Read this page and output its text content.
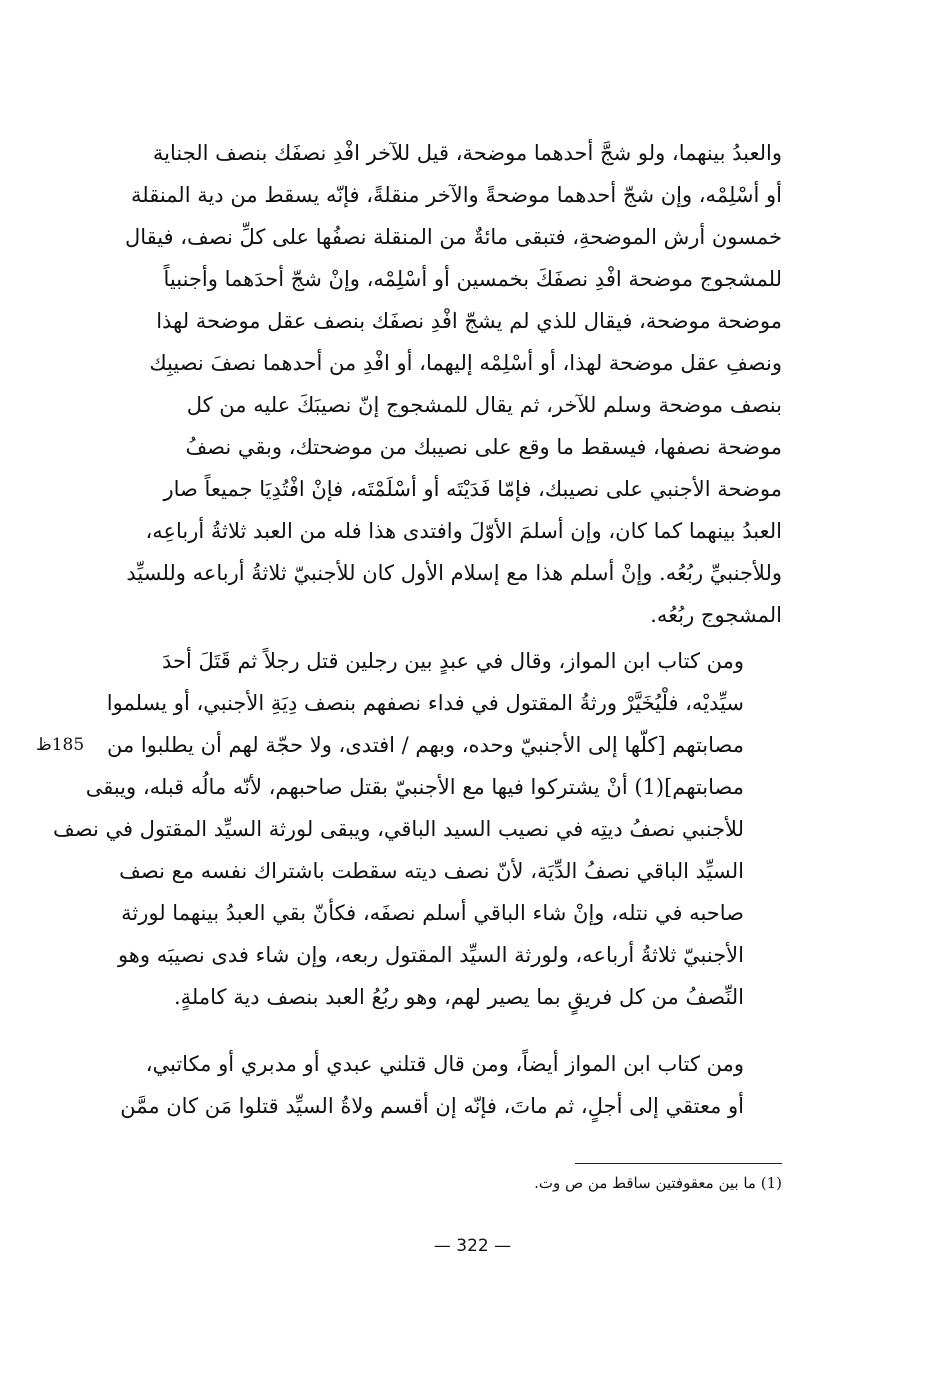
والعبدُ بينهما، ولو شجَّ أحدهما موضحة، قيل للآخر افْدِ نصفَك بنصف الجناية
أو أسْلِمْه، وإن شجّ أحدهما موضحةً والآخر منقلةً، فإنّه يسقط من دية المنقلة
خمسون أرش الموضحةِ، فتبقى مائةٌ من المنقلة نصفُها على كلِّ نصف، فيقال
للمشجوج موضحة افْدِ نصفَكَ بخمسين أو أسْلِمْه، وإنْ شجّ أحدَهما وأجنبياً
موضحة موضحة، فيقال للذي لم يشجّ افْدِ نصفَك بنصف عقل موضحة لهذا
ونصفِ عقل موضحة لهذا، أو أسْلِمْه إليهما، أو افْدِ من أحدهما نصفَ نصيبِك
بنصف موضحة وسلم للآخر، ثم يقال للمشجوج إنّ نصيبَكَ عليه من كل
موضحة نصفها، فيسقط ما وقع على نصيبك من موضحتك، وبقي نصفُ
موضحة الأجنبي على نصيبك، فإمّا فَدَيْتَه أو أسْلَمْتَه، فإنْ افْتُدِيَا جميعاً صار
العبدُ بينهما كما كان، وإن أسلمَ الأوّلَ وافتدى هذا فله من العبد ثلاثةُ أرباعِه،
وللأجنبيِّ ربُعُه. وإنْ أسلم هذا مع إسلام الأول كان للأجنبيّ ثلاثةُ أرباعه وللسيِّد
المشجوج ربُعُه.
ومن كتاب ابن المواز، وقال في عبدٍ بين رجلين قتل رجلاً ثم قَتَلَ أحدَ
سيِّديْه، فلْيُخَيَّرْ ورثةُ المقتول في فداء نصفهم بنصف دِيَةِ الأجنبي، أو يسلموا
مصابتهم [كلّها إلى الأجنبيّ وحده، وبهم / افتدى، ولا حجّة لهم أن يطلبوا من
مصابتهم](1) أنْ يشتركوا فيها مع الأجنبيّ بقتل صاحبهم، لأنّه مالُه قبله، ويبقى
للأجنبي نصفُ ديتِه في نصيب السيد الباقي، ويبقى لورثة السيِّد المقتول في نصف
السيِّد الباقي نصفُ الدِّيَة، لأنّ نصف ديته سقطت باشتراك نفسه مع نصف
صاحبه في نتله، وإنْ شاء الباقي أسلم نصفَه، فكأنّ بقي العبدُ بينهما لورثة
الأجنبيّ ثلاثةُ أرباعه، ولورثة السيِّد المقتول ربعه، وإن شاء فدى نصيبَه وهو
النِّصفُ من كل فريقٍ بما يصير لهم، وهو ربُعُ العبد بنصف دية كاملةٍ.
ومن كتاب ابن المواز أيضاً، ومن قال قتلني عبدي أو مدبري أو مكاتبي،
أو معتقي إلى أجلٍ، ثم ماتَ، فإنّه إن أقسم ولاةُ السيِّد قتلوا مَن كان ممَّن
185ظ
(1) ما بين معقوفتين ساقط من ص وت.
— 322 —
